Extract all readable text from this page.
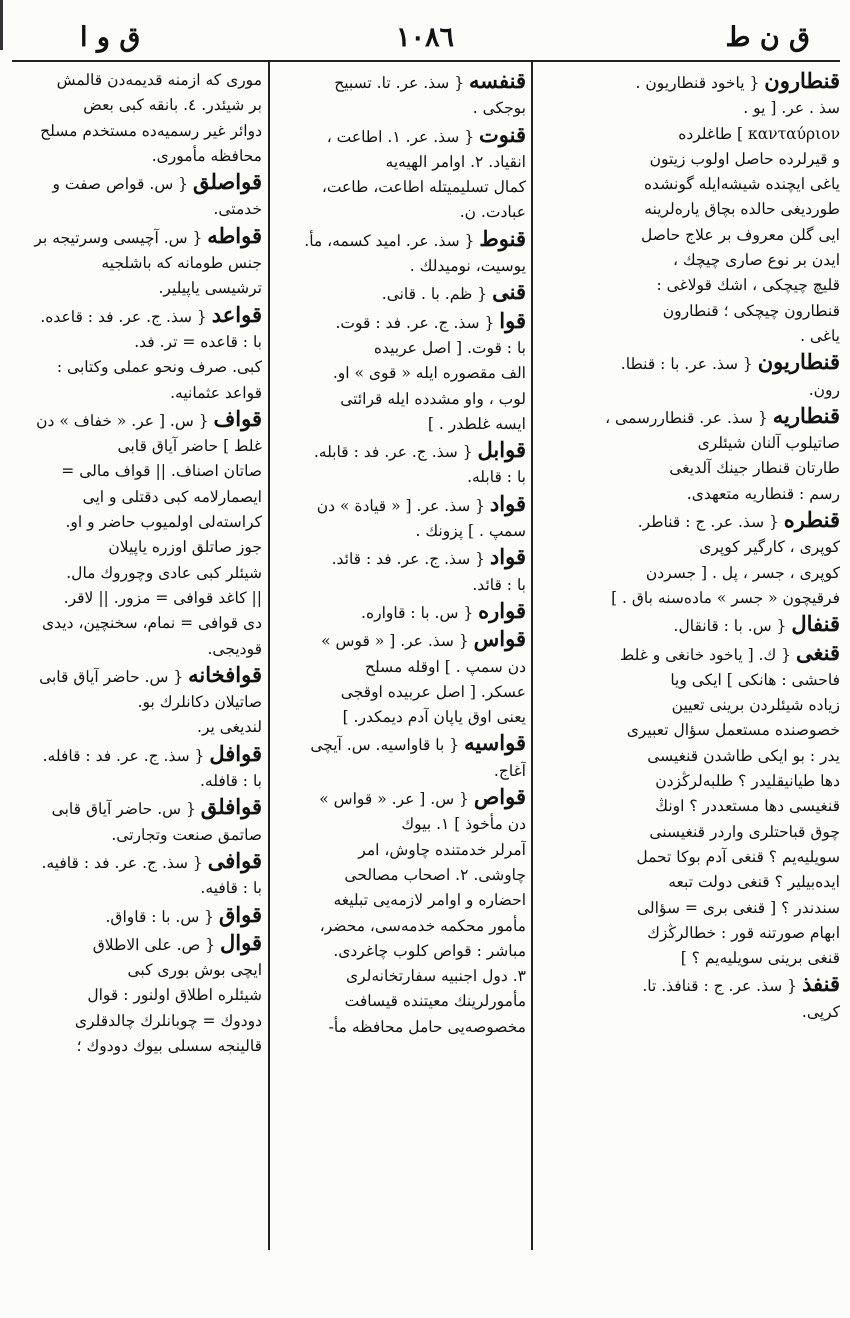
ق ن ط
١٠٨٦
ق و ا
قنطارون { ياخود قنطاريون .
سذ . عر. [ يو .
κανταύριον ] طاغلرده
و قيرلرده حاصل اولوب زيتون
ياغى ايچنده شيشه‌ايله گونشده
طورديغى حالده بچاق يارەلرينه
ايى گلن معروف بر علاج حاصل
ايدن بر نوع صارى چيچك ،
قليچ چيچكى ، اشك قولاغى :
قنطارون چيچكى ؛ قنطارون
ياغى .
قنطاريون { سذ. عر. با : قنطا.
رون.
قنطاريه { سذ. عر. قنطاررسمى ،
صاتيلوب آلنان شيئلرى
طارتان قنطار جينك آلديغى
رسم : قنطاريه متعهدى.
قنطره { سذ. عر. ج : قناطر.
كوپرى ، كارگير كوپرى
كوپرى ، جسر ، پل . [ جسردن
فرقيچون « جسر » ماده‌سنه باق . ]
قنفال { س. با : قانقال.
قنغى { ك. [ ياخود خانغى و غلط
فاحشى : هانكى ] ايكى ويا
زياده شيئلردن برينى تعيين
خصوصنده مستعمل سؤال تعبيرى
يدر : بو ايكى طاشدن قنغيسى
دها طيانيقليدر ؟ طلبەلرڭزدن
قنغيسى دها مستعددر ؟ اونڭ
چوق قباحتلرى واردر قنغيسنى
سويليه‌يم ؟ قنغى آدم بوكا تحمل
ايده‌بيلير ؟ قنغى دولت تبعه‌
سندندر ؟ [ قنغى برى = سؤالى
ابهام صورتنه قور : خطالرڭزك
قنغى برينى سويليه‌يم ؟ ]
قنفذ { سذ. عر. ج : قنافذ. تا.
كرپى.
قنفسه { سذ. عر. تا. تسبيح
بوجكى .
قنوت { سذ. عر. ١. اطاعت ،
انقياد. ٢. اوامر الهيه‌يه
كمال تسليميتله اطاعت، طاعت،
عبادت. ن.
قنوط { سذ. عر. اميد كسمه، مأ.
يوسيت، نوميدلك .
قنى { ظم. با . قانى.
قوا { سذ. ج. عر. فد : قوت.
با : قوت. [ اصل عربيده
الف مقصوره ايله « قوى » او.
لوب ، واو مشدده ايله قرائتى
ايسه غلطدر . ]
قوابل { سذ. ج. عر. فد : قابله.
با : قابله.
قواد { سذ. عر. [ « قيادة » دن
سمپ . ] پزونك .
قواد { سذ. ج. عر. فد : قائد.
با : قائد.
قواره { س. با : قاواره.
قواس { سذ. عر. [ « قوس »
دن سمپ . ] اوقله مسلح
عسكر. [ اصل عربيده اوقجى
يعنى اوق ياپان آدم ديمكدر. ]
قواسيه { با قاواسيه. س. آيچى
آغاج.
قواص { س. [ عر. « قواس »
دن مأخوذ ] ١. بيوك
آمرلر خدمتنده چاوش، امر
چاوشى. ٢. اصحاب مصالحى
احضاره و اوامر لازمه‌يى تبليغه
مأمور محكمه خدمه‌سى، محضر،
مباشر : قواص كلوب چاغردى.
٣. دول اجنبيه سفارتخانه‌لرى
مأمورلرينك معيتنده قيسافت
مخصوصه‌يى حامل محافظه مأ-
مورى كه ازمنه قديمه‌دن قالمش
بر شيئدر. ٤. بانقه كبى بعض
دوائر غير رسميه‌ده مستخدم مسلح
محافظه مأمورى.
قواصلق { س. قواص صفت و
خدمتى.
قواطه { س. آچيسى وسرتيجه بر
جنس طومانه كه باشلجيه
ترشيسى ياپيلير.
قواعد { سذ. ج. عر. فد : قاعده.
با : قاعده = تر. فد.
كبى. صرف ونحو عملى وكتابى :
قواعد عثمانيه.
قواف { س. [ عر. « خفاف » دن
غلط ] حاضر آياق قابى
صاتان اصناف. || قواف مالى =
ايصمارلامه كبى دقتلى و ايى
كراسته‌لى اولميوب حاضر و او.
جوز صاتلق اوزره ياپيلان
شيئلر كبى عادى وچوروك مال.
|| كاغد قوافى = مزور. || لاقر.
دى قوافى = نمام، سخنچين، ديدى
قوديجى.
قوافخانه { س. حاضر آياق قابى
صاتيلان دكانلرك بو.
لنديغى ير.
قوافل { سذ. ج. عر. فد : قافله.
با : قافله.
قوافلق { س. حاضر آياق قابى
صاتمق صنعت وتجارتى.
قوافى { سذ. ج. عر. فد : قافيه.
با : قافيه.
قواق { س. با : قاواق.
قوال { ص. على الاطلاق
ايچى بوش بورى كبى
شيئلره اطلاق اولنور : قوال
دودوك = چوبانلرك چالدقلرى
قالينجه سسلى بيوك دودوك ؛
